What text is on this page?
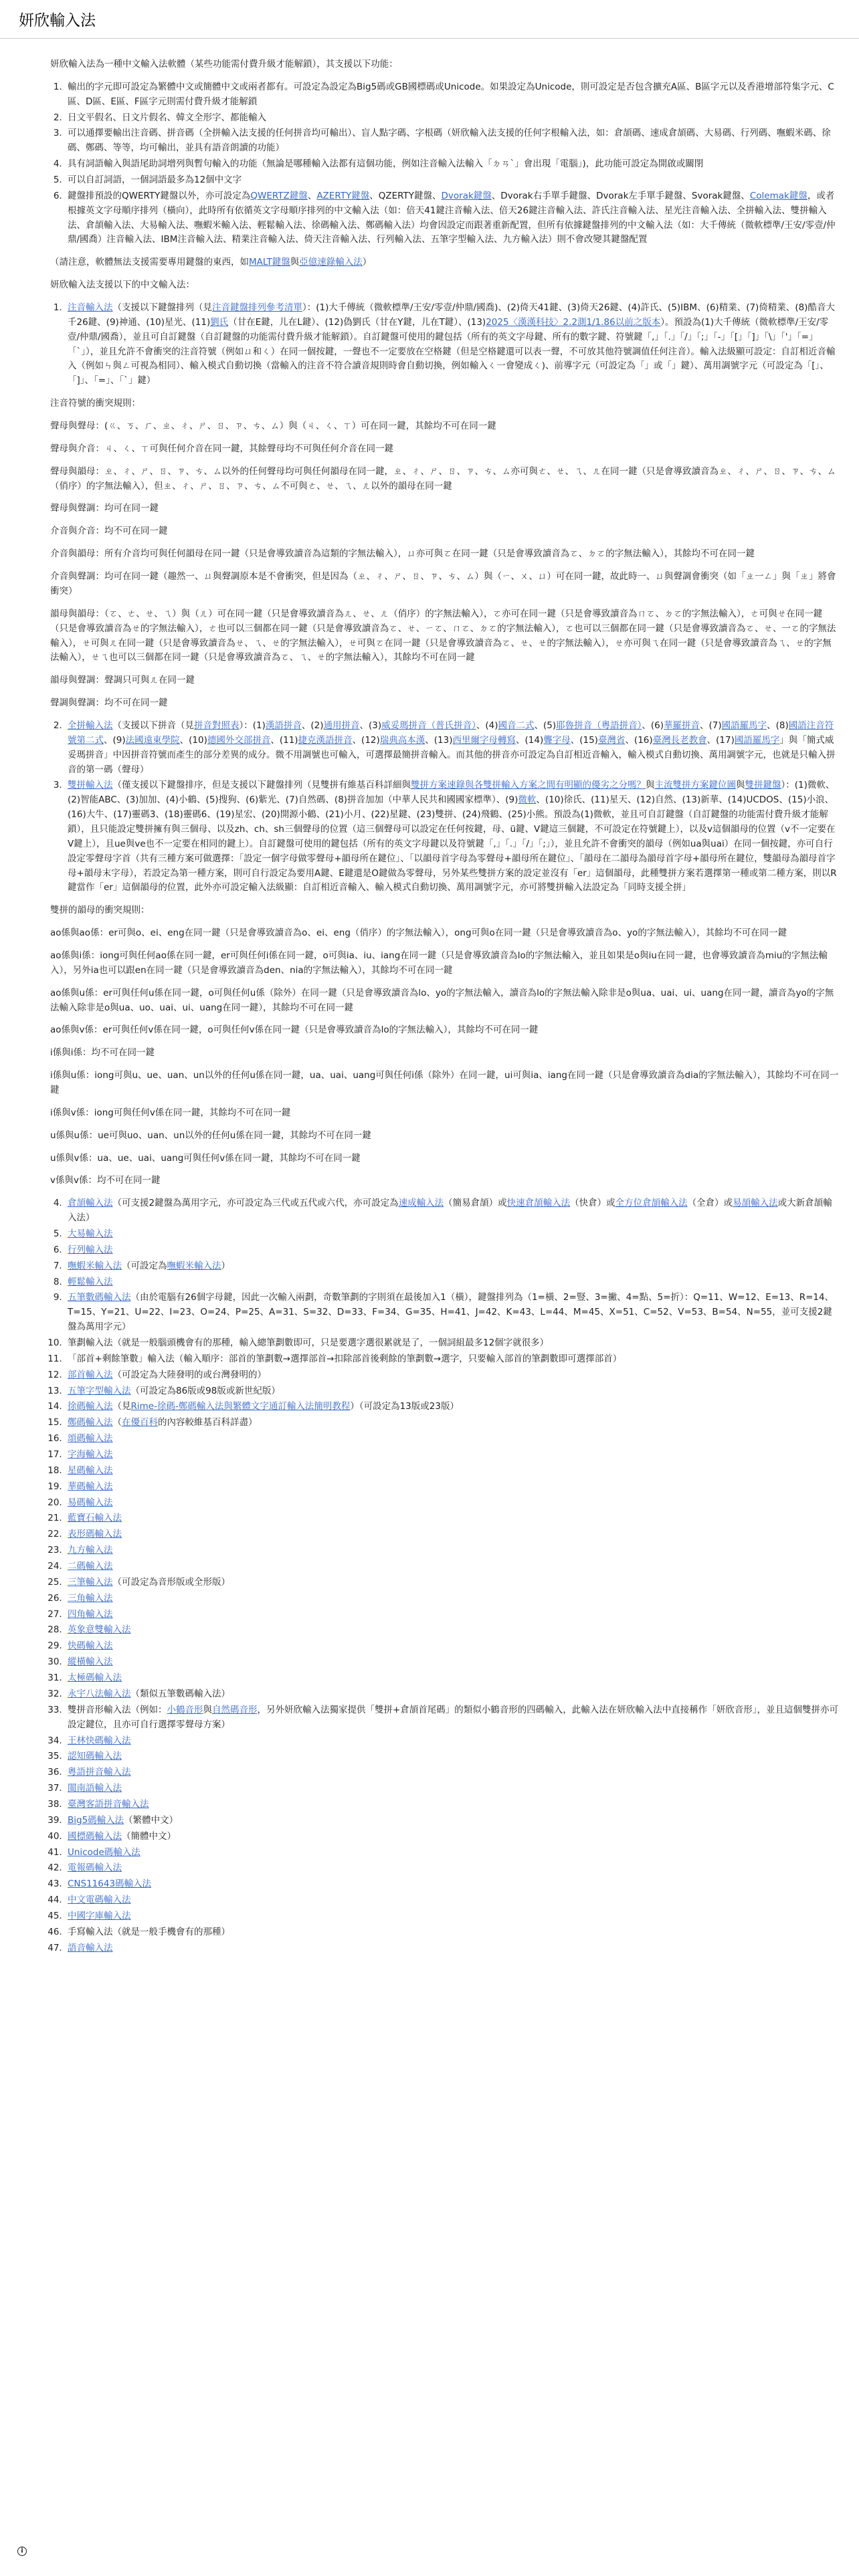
妍欣輸入法

妍欣輸入法為一種中文輸入法軟體（某些功能需付費升級才能解鎖），其支援以下功能：

1. 輸出的字元即可設定為繁體中文或簡體中文或兩者都有。可設定為設定為Big5碼或GB國標碼或Unicode。如果設定為Unicode，則可設定是否包含擴充A區、B區字元以及香港增部符集字元、C區、D區、E區、F區字元則需付費升級才能解鎖
2. 日文平假名、日文片假名、韓文全形字、都能輸入
3. 可以通擇要輸出注音碼、拼音碼（全拼輸入法支援的任何拼音均可輸出）、盲人點字碼、字根碼（妍欣輸入法支援的任何字根輸入法，如：倉頡碼、速成倉頡碼、大易碼、行列碼、嘸蝦米碼、徐碼、鄭碼、等等，均可輸出，並具有語音朗讀的功能）
4. 具有詞語輸入與語尾助詞增列與暫句輸入的功能（無論是哪種輸入法都有這個功能，例如注音輸入法輸入「ㄉㄢˋ」會出現「電腦」)，此功能可設定為開啟或關閉
5. 可以自訂詞語，一個詞語最多為12個中文字
6. 鍵盤排預設的QWERTY鍵盤以外，亦可設定為QWERTZ鍵盤、AZERTY鍵盤、QZERTY鍵盤、Dvorak鍵盤、Dvorak右手單手鍵盤、Dvorak左手單手鍵盤、Svorak鍵盤、Colemak鍵盤，或者根據英文字母順序排列（橫向），此時所有依循英文字母順序排列的中文輸入法（如：倍天41鍵注音輸入法、倍天26鍵注音輸入法、許氏注音輸入法、星光注音輸入法、全拼輸入法、雙拼輸入法、倉頡輸入法、大易輸入法、嘸蝦米輸入法、輕鬆輸入法、徐碼輸入法、鄭碼輸入法）均會因設定而跟著重新配置，但所有依據鍵盤排列的中文輸入法（如：大千傳統（微軟標準/王安/零壹/仲鼎/國喬）注音輸入法、IBM注音輸入法、精業注音輸入法、倚天注音輸入法、行列輸入法、五筆字型輸入法、九方輸入法）則不會改變其鍵盤配置

（請注意，軟體無法支援需要專用鍵盤的東西，如MALT鍵盤與亞億速錄輸入法）

妍欣輸入法支援以下的中文輸入法：

1. 注音輸入法（支援以下鍵盤排列（見注音鍵盤排列參考清單）：(1)大千傳統（微軟標準/王安/零壹/仲鼎/國喬)、(2)倚天41鍵、(3)倚天26鍵、(4)許氏、(5)IBM、(6)精業、(7)倚精業、(8)酷音大千26鍵、(9)神通、(10)星光、(11)劉氏（甘在E鍵，儿在L鍵）、(12)偽劉氏（甘在Y鍵，儿在T鍵）、(13)2025〈漢漢科技〉2.2測1/1.86以前之版本）。預設為(1)大千傳統（微軟標準/王安/零壹/仲鼎/國喬），並且可自訂鍵盤（自訂鍵盤的功能需付費升級才能解鎖）。自訂鍵盤可使用的鍵包括（所有的英文字母鍵、所有的數字鍵、符號鍵「,」「.」「/」「;」「-」「[」「]」「\」「'」「=」「`」），並且允許不會衝突的注音符號（例如ㄩ和ㄑ）在同一個按鍵，一聲也不一定要放在空格鍵（但是空格鍵還可以表一聲，不可放其他符號調值任何注音）。輸入法級顯可設定：自訂相近音輸入（例如ㄣ與ㄥ可視為相同）、輸入模式自動切換（當輸入的注音不符合讀音規則時會自動切換，例如輸入ㄑ一會變成ㄑ)、前導字元（可設定為「」或「」鍵）、萬用調號字元（可設定為「[」、「]」、「=」、「`」鍵）

注音符號的衝突規則：

聲母與聲母：(ㄍ、ㄎ、ㄏ、ㄓ、ㄔ、ㄕ、ㄖ、ㄗ、ㄘ、ㄙ）與（ㄐ、ㄑ、ㄒ）可在同一鍵，其餘均不可在同一鍵

聲母與介音：ㄐ、ㄑ、ㄒ可與任何介音在同一鍵，其餘聲母均不可與任何介音在同一鍵

聲母與韻母：ㄓ、ㄔ、ㄕ、ㄖ、ㄗ、ㄘ、ㄙ以外的任何聲母均可與任何韻母在同一鍵，ㄓ、ㄔ、ㄕ、ㄖ、ㄗ、ㄘ、ㄙ亦可與ㄜ、ㄝ、ㄟ、ㄦ在同一鍵（只是會導致讀音為ㄓ、ㄔ、ㄕ、ㄖ、ㄗ、ㄘ、ㄙ（俏序）的字無法輸入），但ㄓ、ㄔ、ㄕ、ㄖ、ㄗ、ㄘ、ㄙ不可與ㄜ、ㄝ、ㄟ、ㄦ以外的韻母在同一鍵

聲母與聲調：均可在同一鍵

介音與介音：均不可在同一鍵

介音與韻母：所有介音均可與任何韻母在同一鍵（只是會導致讀音為這類的字無法輸入），ㄩ亦可與ㄛ在同一鍵（只是會導致讀音為ㄛ、ㄉㄛ的字無法輸入），其餘均不可在同一鍵

介音與聲調：均可在同一鍵（趣然一、ㄩ與聲調原本是不會衝突，但是因為（ㄓ、ㄔ、ㄕ、ㄖ、ㄗ、ㄘ、ㄙ）與（ㄧ、ㄨ、ㄩ）可在同一鍵，故此時一、ㄩ與聲調會衝突（如「ㄓ一ㄥ」與「ㄓ」將會衝突）

韻母與韻母：（ㄛ、ㄜ、ㄝ、ㄟ）與（ㄦ）可在同一鍵（只是會導致讀音為ㄦ、ㄝ、ㄦ（俏序）的字無法輸入），ㄛ亦可在同一鍵（只是會導致讀音為ㄇㄛ、ㄉㄛ的字無法輸入），ㄜ可與ㄝ在同一鍵（只是會導致讀音為ㄝ的字無法輸入），ㄜ也可以三個都在同一鍵（只是會導致讀音為ㄛ、ㄝ、ㄧㄛ、ㄇㄛ、ㄉㄛ的字無法輸入），ㄛ也可以三個都在同一鍵（只是會導致讀音為ㄛ、ㄝ、一ㄛ的字無法輸入），ㄝ可與ㄦ在同一鍵（只是會導致讀音為ㄝ、ㄟ、ㄝ的字無法輸入），ㄝ可與ㄛ在同一鍵（只是會導致讀音為ㄛ、ㄝ、ㄝ的字無法輸入），ㄝ亦可與ㄟ在同一鍵（只是會導致讀音為ㄟ、ㄝ的字無法輸入），ㄝㄟ也可以三個都在同一鍵（只是會導致讀音為ㄛ、ㄟ、ㄝ的字無法輸入），其餘均不可在同一鍵

韻母與聲調：聲調只可與ㄦ在同一鍵

聲調與聲調：均不可在同一鍵

2. 全拼輸入法（支援以下拼音（見拼音對照表）：(1)漢語拼音、(2)通用拼音、(3)威妥瑪拼音（普氏拼音）、(4)國音二式、(5)耶魯拼音（粵語拼音）、(6)華羅拼音、(7)國語羅馬字、(8)國語注音符號第二式、(9)法國遠東學院、(10)德國外交部拼音、(11)捷克漢語拼音、(12)瑞典高本漢、(13)西里爾字母轉寫、(14)聾字母、(15)臺灣省、(16)臺灣長老教會、(17)國語羅馬字」與「簡式威妥瑪拼音」中因拼音符號而產生的部分差異的成分。微不用調號也可輸入，可選擇最簡拼音輸入。而其他的拼音亦可設定為自訂相近音輸入，輸入模式自動切換、萬用調號字元，也就是只輸入拼音的第一碼（聲母）
3. 雙拼輸入法（僅支援以下鍵盤排序，但是支援以下鍵盤排列（見雙拼有維基百科詳細與雙拼方案速錄與各雙拼輸入方案之間有明顯的優劣之分嗎？與主流雙拼方案鍵位圖與雙拼鍵盤）：(1)微軟、(2)智能ABC、(3)加加、(4)小鶴、(5)搜狗、(6)紫光、(7)自然碼、(8)拼音加加（中華人民共和國國家標準）、(9)微軟、(10)徐氏、(11)星天、(12)自然、(13)新華、(14)UCDOS、(15)小浪、(16)大牛、(17)靈碼3、(18)靈碼6、(19)星宏、(20)開源小鶴、(21)小月、(22)星鍵、(23)雙拼、(24)飛鶴、(25)小熊。預設為(1)微軟，並且可自訂鍵盤（自訂鍵盤的功能需付費升級才能解鎖），且只能設定雙拼擁有與三個母、以及zh、ch、sh三個聲母的位置（這三個聲母可以設定在任何按鍵，母、ü鍵、V鍵這三個鍵，不可設定在符號鍵上），以及v這個韻母的位置（v不一定要在V鍵上），且ue與ve也不一定要在相同的鍵上）。自訂鍵盤可使用的鍵包括（所有的英文字母鍵以及符號鍵「,」「.」「/」「;」），並且允許不會衝突的韻母（例如ua與uai）在同一個按鍵，亦可自行設定零聲母字首（共有三種方案可做選擇：「設定一個字母做零聲母+韻母所在鍵位」、「以韻母首字母為零聲母+韻母所在鍵位」、「韻母在二韻母為韻母首字母+韻母所在鍵位，雙韻母為韻母首字母+韻母末字母），若設定為第一種方案，則可自行設定為要用A鍵、E鍵還是O鍵做為零聲母，另外某些雙拼方案的設定並沒有「er」這個韻母，此種雙拼方案若選擇第一種或第二種方案，則以R鍵當作「er」這個韻母的位置，此外亦可設定輸入法級顯：自訂相近音輸入、輸入模式自動切換、萬用調號字元，亦可將雙拼輸入法設定為「同時支援全拼」

雙拼的韻母的衝突規則：

ao係與ao係：er可與o、ei、eng在同一鍵（只是會導致讀音為o、ei、eng（俏序）的字無法輸入），ong可與o在同一鍵（只是會導致讀音為o、yo的字無法輸入），其餘均不可在同一鍵

ao係與i係：iong可與任何ao係在同一鍵，er可與任何i係在同一鍵，o可與ia、iu、iang在同一鍵（只是會導致讀音為lo的字無法輸入，並且如果是o與iu在同一鍵，也會導致讀音為miu的字無法輸入），另外ia也可以跟en在同一鍵（只是會導致讀音為den、nia的字無法輸入），其餘均不可在同一鍵

ao係與u係：er可與任何u係在同一鍵，o可與任何u係（除外）在同一鍵（只是會導致讀音為lo、yo的字無法輸入，讀音為lo的字無法輸入除非是o與ua、uai、ui、uang在同一鍵，讀音為yo的字無法輸入除非是o與ua、uo、uai、ui、uang在同一鍵），其餘均不可在同一鍵

ao係與v係：er可與任何v係在同一鍵，o可與任何v係在同一鍵（只是會導致讀音為lo的字無法輸入），其餘均不可在同一鍵

i係與i係：均不可在同一鍵

i係與u係：iong可與u、ue、uan、un以外的任何u係在同一鍵，ua、uai、uang可與任何i係（除外）在同一鍵，ui可與ia、iang在同一鍵（只是會導致讀音為dia的字無法輸入），其餘均不可在同一鍵

i係與v係：iong可與任何v係在同一鍵，其餘均不可在同一鍵

u係與u係：ue可與uo、uan、un以外的任何u係在同一鍵，其餘均不可在同一鍵

u係與v係：ua、ue、uai、uang可與任何v係在同一鍵，其餘均不可在同一鍵

v係與v係：均不可在同一鍵

4. 倉頡輸入法（可支援2鍵盤為萬用字元，亦可設定為三代或五代或六代，亦可設定為速成輸入法（簡易倉頡）或快速倉頡輸入法（快倉）或全方位倉頡輸入法（全倉）或易頡輸入法或大新倉頡輸入法）
5. 大易輸入法
6. 行列輸入法
7. 嘸蝦米輸入法（可設定為嘸蝦米輸入法）
8. 輕鬆輸入法
9. 五筆數碼輸入法（由於電腦有26個字母鍵，因此一次輸入兩劃，奇數筆劃的字則須在最後加入1（橫），鍵盤排列為（1=橫、2=豎、3=撇、4=點、5=折）：Q=11、W=12、E=13、R=14、T=15、Y=21、U=22、I=23、O=24、P=25、A=31、S=32、D=33、F=34、G=35、H=41、J=42、K=43、L=44、M=45、X=51、C=52、V=53、B=54、N=55，並可支援2鍵盤為萬用字元）
10. 筆劃輸入法（就是一般腦頭機會有的那種，輸入總筆劃數即可，只是要選字選很累就是了，一個詞組最多12個字就很多）
11. 「部首+剩餘筆數」輸入法（輸入順序：部首的筆劃數→選擇部首→扣除部首後剩餘的筆劃數→選字，只要輸入部首的筆劃數即可選擇部首）
12. 部首輸入法（可設定為大陸發明的或台灣發明的）
13. 五筆字型輸入法（可設定為86版或98版或新世紀版）
14. 徐碼輸入法（見Rime-徐碼-鄭碼輸入法與繁體文字通訂輸入法簡明教程）（可設定為13版或23版）
15. 鄭碼輸入法（在優百科的內容較維基百科詳盡）
16. 頌碼輸入法
17. 字海輸入法
18. 星碼輸入法
19. 華碼輸入法
20. 易碼輸入法
21. 藍寶石輸入法
22. 表形碼輸入法
23. 九方輸入法
24. 二碼輸入法
25. 三筆輸入法（可設定為音形版或全形版）
26. 三角輸入法
27. 四角輸入法
28. 英象意雙輸入法
29. 快碼輸入法
30. 縱橫輸入法
31. 太極碼輸入法
32. 永宇八法輸入法（類似五筆數碼輸入法）
33. 雙拼音形輸入法（例如：小鶴音形與自然碼音形，另外妍欣輸入法獨家提供「雙拼+倉頡首尾碼」的類似小鶴音形的四碼輸入，此輸入法在妍欣輸入法中直接稱作「妍欣音形」，並且這個雙拼亦可設定鍵位，且亦可自行選擇零聲母方案）
34. 王林快碼輸入法
35. 認知碼輸入法
36. 粵語拼音輸入法
37. 閩南語輸入法
38. 臺灣客語拼音輸入法
39. Big5碼輸入法（繁體中文）
40. 國標碼輸入法（簡體中文）
41. Unicode碼輸入法
42. 電報碼輸入法
43. CNS11643碼輸入法
44. 中文電碼輸入法
45. 中國字庫輸入法
46. 手寫輸入法（就是一般手機會有的那種）
47. 語音輸入法
i
